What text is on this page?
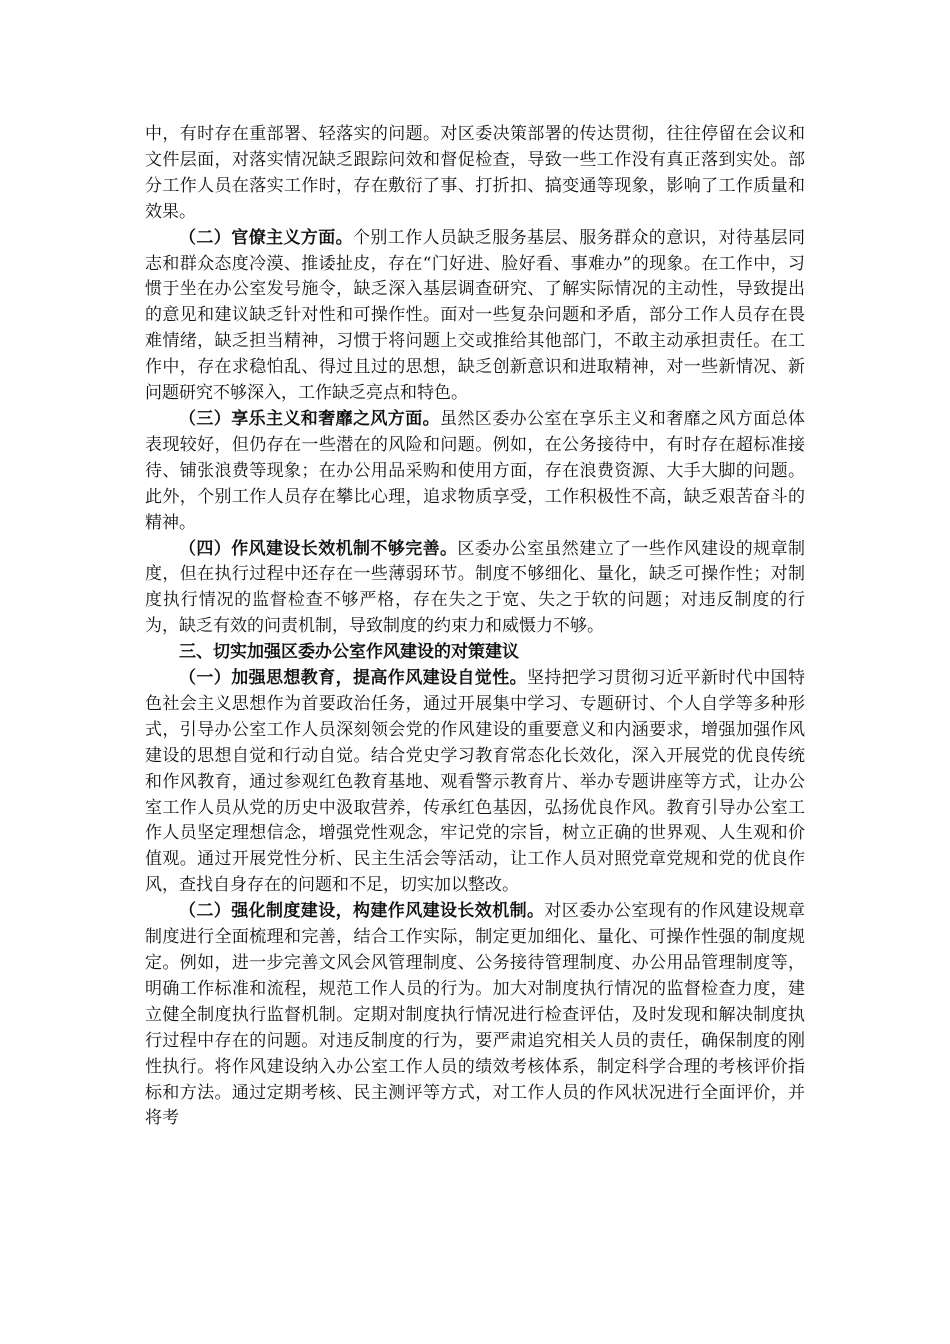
中，有时存在重部署、轻落实的问题。对区委决策部署的传达贯彻，往往停留在会议和文件层面，对落实情况缺乏跟踪问效和督促检查，导致一些工作没有真正落到实处。部分工作人员在落实工作时，存在敷衍了事、打折扣、搞变通等现象，影响了工作质量和效果。

（二）官僚主义方面。个别工作人员缺乏服务基层、服务群众的意识，对待基层同志和群众态度冷漠、推诿扯皮，存在“门好进、脸好看、事难办”的现象。在工作中，习惯于坐在办公室发号施令，缺乏深入基层调查研究、了解实际情况的主动性，导致提出的意见和建议缺乏针对性和可操作性。面对一些复杂问题和矛盾，部分工作人员存在畏难情绪，缺乏担当精神，习惯于将问题上交或推给其他部门，不敢主动承担责任。在工作中，存在求稳怕乱、得过且过的思想，缺乏创新意识和进取精神，对一些新情况、新问题研究不够深入，工作缺乏亮点和特色。

（三）享乐主义和奢靡之风方面。虽然区委办公室在享乐主义和奢靡之风方面总体表现较好，但仍存在一些潜在的风险和问题。例如，在公务接待中，有时存在超标准接待、铺张浪费等现象；在办公用品采购和使用方面，存在浪费资源、大手大脚的问题。此外，个别工作人员存在攀比心理，追求物质享受，工作积极性不高，缺乏艰苦奋斗的精神。

（四）作风建设长效机制不够完善。区委办公室虽然建立了一些作风建设的规章制度，但在执行过程中还存在一些薄弱环节。制度不够细化、量化，缺乏可操作性；对制度执行情况的监督检查不够严格，存在失之于宽、失之于软的问题；对违反制度的行为，缺乏有效的问责机制，导致制度的约束力和威慑力不够。

三、切实加强区委办公室作风建设的对策建议

（一）加强思想教育，提高作风建设自觉性。坚持把学习贯彻习近平新时代中国特色社会主义思想作为首要政治任务，通过开展集中学习、专题研讨、个人自学等多种形式，引导办公室工作人员深刻领会党的作风建设的重要意义和内涵要求，增强加强作风建设的思想自觉和行动自觉。结合党史学习教育常态化长效化，深入开展党的优良传统和作风教育，通过参观红色教育基地、观看警示教育片、举办专题讲座等方式，让办公室工作人员从党的历史中汲取营养，传承红色基因，弘扬优良作风。教育引导办公室工作人员坚定理想信念，增强党性观念，牢记党的宗旨，树立正确的世界观、人生观和价值观。通过开展党性分析、民主生活会等活动，让工作人员对照党章党规和党的优良作风，查找自身存在的问题和不足，切实加以整改。

（二）强化制度建设，构建作风建设长效机制。对区委办公室现有的作风建设规章制度进行全面梳理和完善，结合工作实际，制定更加细化、量化、可操作性强的制度规定。例如，进一步完善文风会风管理制度、公务接待管理制度、办公用品管理制度等，明确工作标准和流程，规范工作人员的行为。加大对制度执行情况的监督检查力度，建立健全制度执行监督机制。定期对制度执行情况进行检查评估，及时发现和解决制度执行过程中存在的问题。对违反制度的行为，要严肃追究相关人员的责任，确保制度的刚性执行。将作风建设纳入办公室工作人员的绩效考核体系，制定科学合理的考核评价指标和方法。通过定期考核、民主测评等方式，对工作人员的作风状况进行全面评价，并将考
